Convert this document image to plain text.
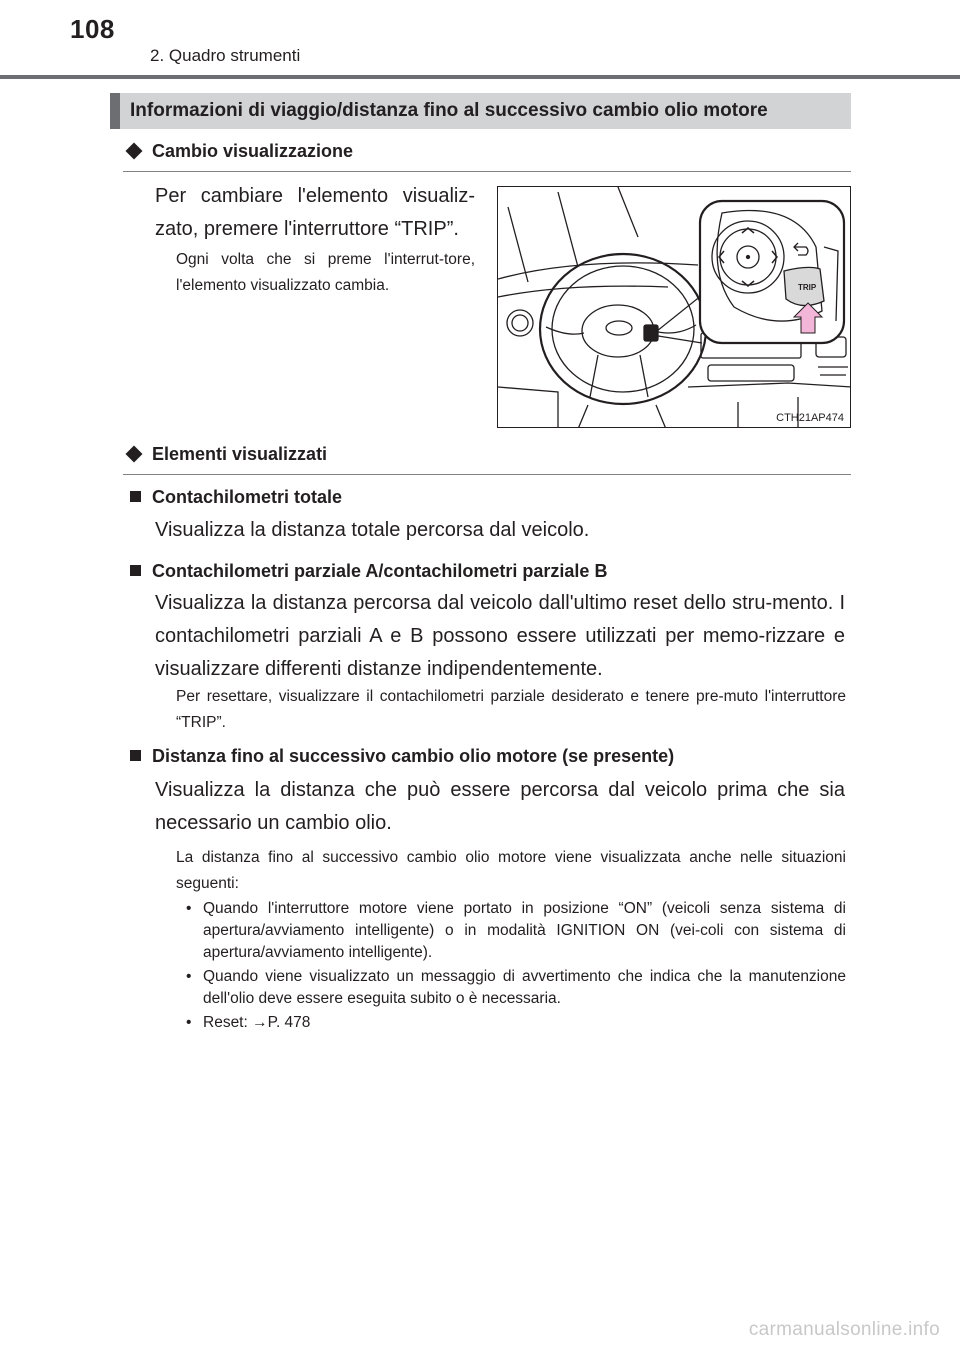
108
2. Quadro strumenti
Informazioni di viaggio/distanza fino al successivo cambio olio motore
Cambio visualizzazione

Per cambiare l'elemento visualiz-zato, premere l'interruttore “TRIP”.

Ogni volta che si preme l'interrut-tore, l'elemento visualizzato cambia.	TRIP
CTH21AP474
Elementi visualizzati
Contachilometri totale

Visualizza la distanza totale percorsa dal veicolo.

Contachilometri parziale A/contachilometri parziale B

Visualizza la distanza percorsa dal veicolo dall'ultimo reset dello stru-mento. I contachilometri parziali A e B possono essere utilizzati per memo-rizzare e visualizzare differenti distanze indipendentemente.

Per resettare, visualizzare il contachilometri parziale desiderato e tenere pre-muto l'interruttore “TRIP”.

Distanza fino al successivo cambio olio motore (se presente)

Visualizza la distanza che può essere percorsa dal veicolo prima che sia necessario un cambio olio.

La distanza fino al successivo cambio olio motore viene visualizzata anche nelle situazioni seguenti:

• Quando l'interruttore motore viene portato in posizione “ON” (veicoli senza sistema di apertura/avviamento intelligente) o in modalità IGNITION ON (vei-coli con sistema di apertura/avviamento intelligente).
• Quando viene visualizzato un messaggio di avvertimento che indica che la manutenzione dell'olio deve essere eseguita subito o è necessaria.
• Reset: →P. 478
carmanualsonline.info
